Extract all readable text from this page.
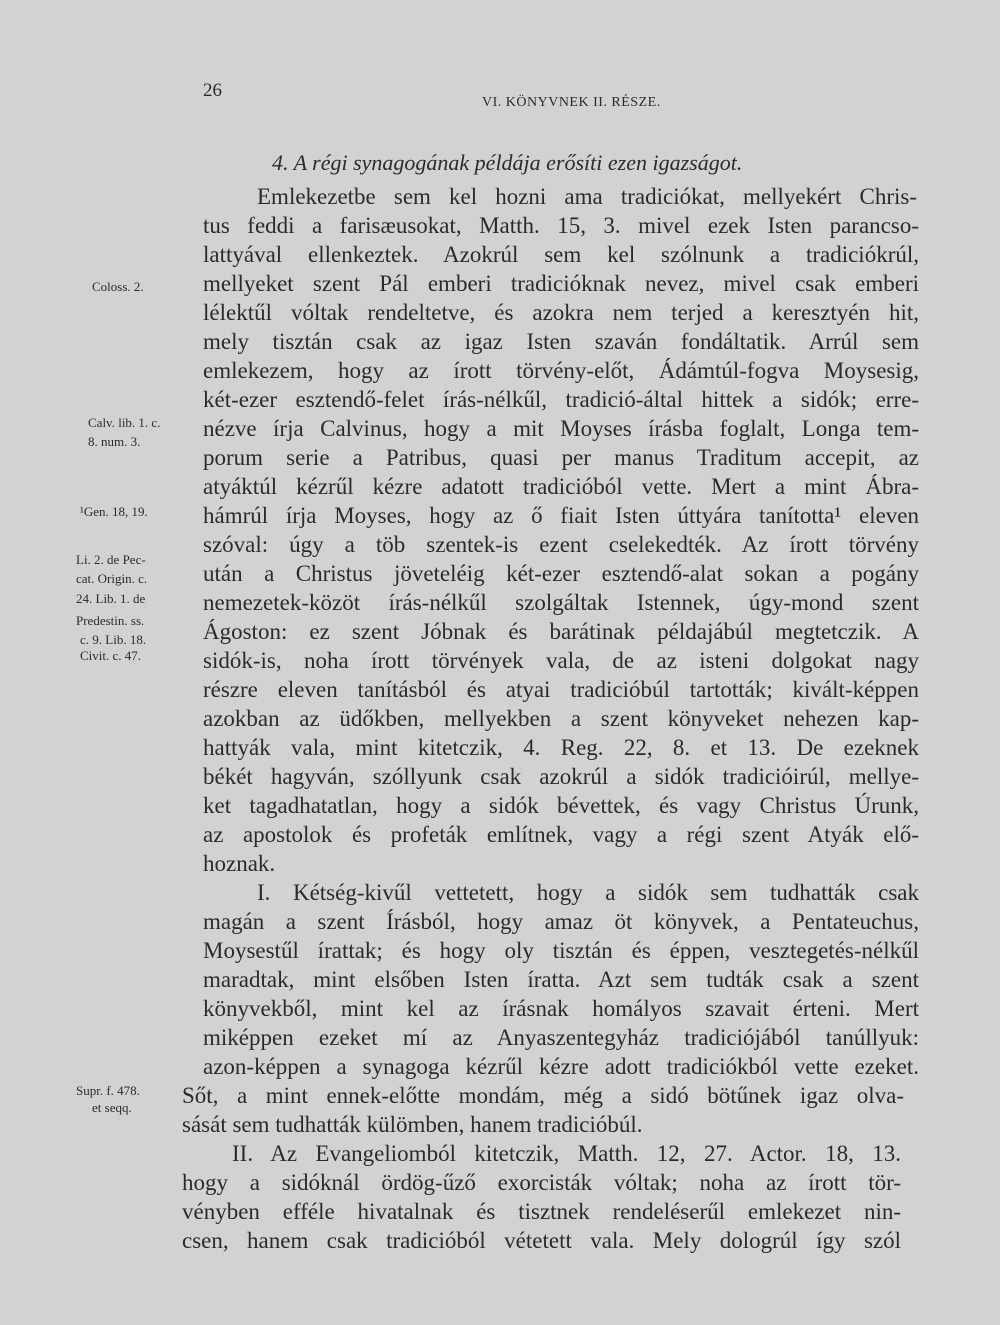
26
VI. KÖNYVNEK II. RÉSZE.
4. A régi synagogának példája erősíti ezen igazságot.
Emlekezetbe sem kel hozni ama tradiciókat, mellyekért Chris-
tus feddi a farisæusokat, Matth. 15, 3. mivel ezek Isten parancso-
lattyával ellenkeztek. Azokrúl sem kel szólnunk a tradiciókrúl,
mellyeket szent Pál emberi tradicióknak nevez, mivel csak emberi
lélektűl vóltak rendeltetve, és azokra nem terjed a keresztyén hit,
mely tisztán csak az igaz Isten szaván fondáltatik. Arrúl sem
emlekezem, hogy az írott törvény-előt, Ádámtúl-fogva Moysesig,
két-ezer esztendő-felet írás-nélkűl, tradició-által hittek a sidók; erre-
nézve írja Calvinus, hogy a mit Moyses írásba foglalt, Longa tem-
porum serie a Patribus, quasi per manus Traditum accepit, az
atyáktúl kézrűl kézre adatott tradicióból vette. Mert a mint Ábra-
hámrúl írja Moyses, hogy az ő fiait Isten úttyára tanította¹ eleven
szóval: úgy a töb szentek-is ezent cselekedték. Az írott törvény
után a Christus jöveteléig két-ezer esztendő-alat sokan a pogány
nemezetek-közöt írás-nélkűl szolgáltak Istennek, úgy-mond szent
Ágoston: ez szent Jóbnak és barátinak példajábúl megtetczik. A
sidók-is, noha írott törvények vala, de az isteni dolgokat nagy
részre eleven tanításból és atyai tradicióbúl tartották; kivált-képpen
azokban az üdőkben, mellyekben a szent könyveket nehezen kap-
hattyák vala, mint kitetczik, 4. Reg. 22, 8. et 13. De ezeknek
békét hagyván, szóllyunk csak azokrúl a sidók tradicióirúl, mellye-
ket tagadhatatlan, hogy a sidók bévettek, és vagy Christus Úrunk,
az apostolok és profeták említnek, vagy a régi szent Atyák elő-
hoznak.
I. Kétség-kivűl vettetett, hogy a sidók sem tudhatták csak
magán a szent Írásból, hogy amaz öt könyvek, a Pentateuchus,
Moysestűl írattak; és hogy oly tisztán és éppen, vesztegetés-nélkűl
maradtak, mint elsőben Isten íratta. Azt sem tudták csak a szent
könyvekből, mint kel az írásnak homályos szavait érteni. Mert
miképpen ezeket mí az Anyaszentegyház tradiciójából tanúllyuk:
azon-képpen a synagoga kézrűl kézre adott tradiciókból vette ezeket.
Sőt, a mint ennek-előtte mondám, még a sidó bötűnek igaz olva-
sását sem tudhatták külömben, hanem tradicióbúl.
II. Az Evangeliomból kitetczik, Matth. 12, 27. Actor. 18, 13.
hogy a sidóknál ördög-űző exorcisták vóltak; noha az írott tör-
vényben efféle hivatalnak és tisztnek rendeléserűl emlekezet nin-
csen, hanem csak tradicióból vétetett vala. Mely dologrúl így szól
Coloss. 2.
Calv. lib. 1. c.
8. num. 3.
¹Gen. 18, 19.
Li. 2. de Pec-
cat. Origin. c.
24. Lib. 1. de
Predestin. ss.
c. 9. Lib. 18.
Civit. c. 47.
Supr. f. 478.
et seqq.
